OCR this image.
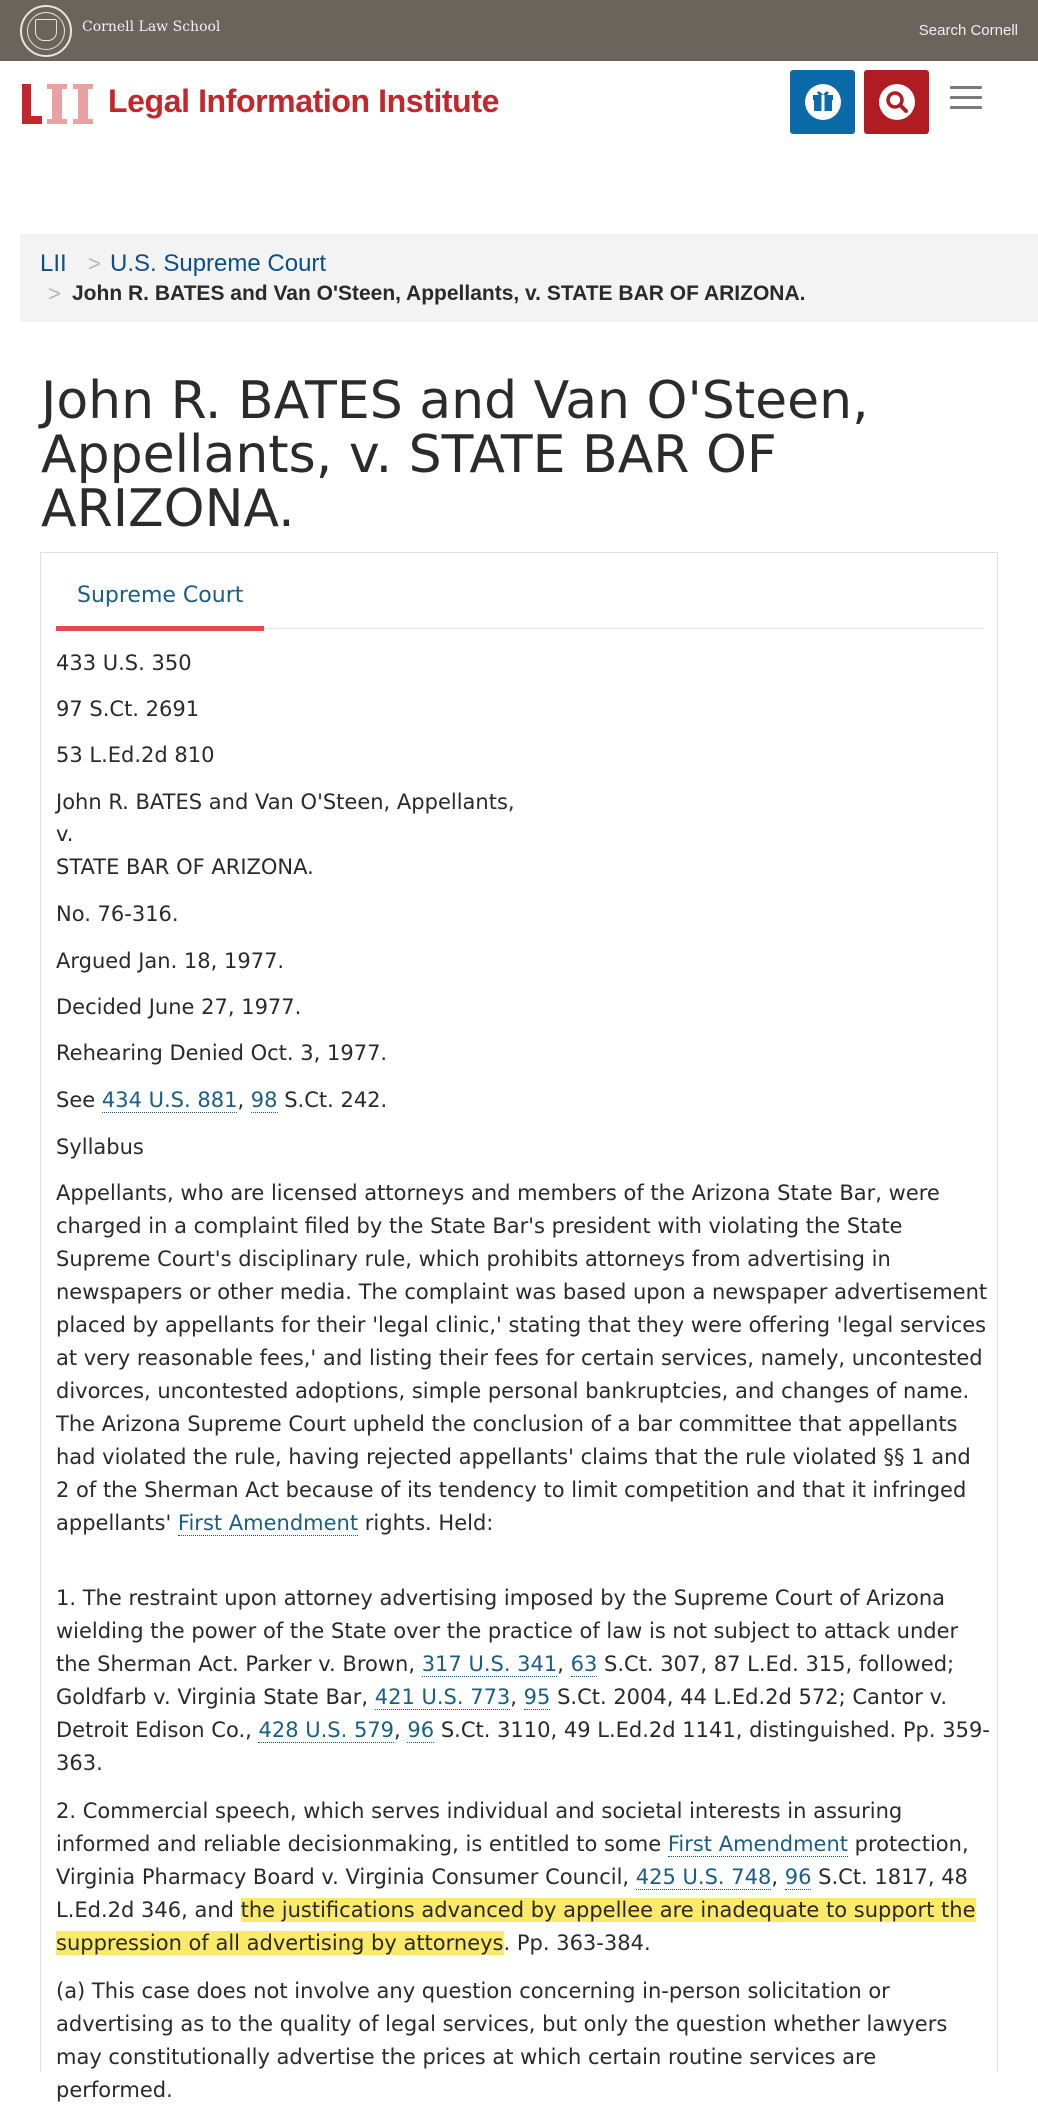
Cornell Law School	Search Cornell
Legal Information Institute
LII > U.S. Supreme Court
> John R. BATES and Van O'Steen, Appellants, v. STATE BAR OF ARIZONA.
John R. BATES and Van O'Steen, Appellants, v. STATE BAR OF ARIZONA.
Supreme Court
433 U.S. 350
97 S.Ct. 2691
53 L.Ed.2d 810
John R. BATES and Van O'Steen, Appellants,
v.
STATE BAR OF ARIZONA.
No. 76-316.
Argued Jan. 18, 1977.
Decided June 27, 1977.
Rehearing Denied Oct. 3, 1977.
See 434 U.S. 881, 98 S.Ct. 242.
Syllabus
Appellants, who are licensed attorneys and members of the Arizona State Bar, were charged in a complaint filed by the State Bar's president with violating the State Supreme Court's disciplinary rule, which prohibits attorneys from advertising in newspapers or other media. The complaint was based upon a newspaper advertisement placed by appellants for their 'legal clinic,' stating that they were offering 'legal services at very reasonable fees,' and listing their fees for certain services, namely, uncontested divorces, uncontested adoptions, simple personal bankruptcies, and changes of name. The Arizona Supreme Court upheld the conclusion of a bar committee that appellants had violated the rule, having rejected appellants' claims that the rule violated §§ 1 and 2 of the Sherman Act because of its tendency to limit competition and that it infringed appellants' First Amendment rights. Held:
1. The restraint upon attorney advertising imposed by the Supreme Court of Arizona wielding the power of the State over the practice of law is not subject to attack under the Sherman Act. Parker v. Brown, 317 U.S. 341, 63 S.Ct. 307, 87 L.Ed. 315, followed; Goldfarb v. Virginia State Bar, 421 U.S. 773, 95 S.Ct. 2004, 44 L.Ed.2d 572; Cantor v. Detroit Edison Co., 428 U.S. 579, 96 S.Ct. 3110, 49 L.Ed.2d 1141, distinguished. Pp. 359-363.
2. Commercial speech, which serves individual and societal interests in assuring informed and reliable decisionmaking, is entitled to some First Amendment protection, Virginia Pharmacy Board v. Virginia Consumer Council, 425 U.S. 748, 96 S.Ct. 1817, 48 L.Ed.2d 346, and the justifications advanced by appellee are inadequate to support the suppression of all advertising by attorneys. Pp. 363-384.
(a) This case does not involve any question concerning in-person solicitation or advertising as to the quality of legal services, but only the question whether lawyers may constitutionally advertise the prices at which certain routine services are performed.
